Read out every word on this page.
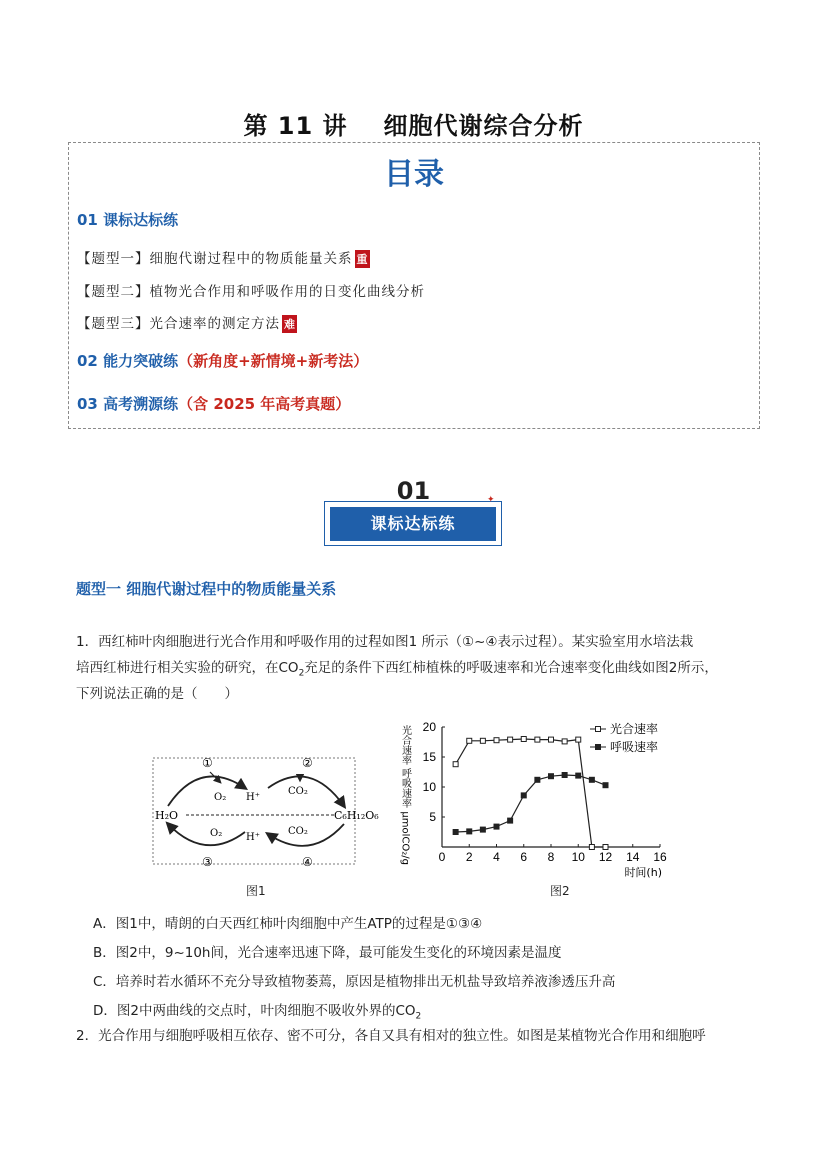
第 11 讲 细胞代谢综合分析
目录
01 课标达标练
【题型一】细胞代谢过程中的物质能量关系 重
【题型二】植物光合作用和呼吸作用的日变化曲线分析
【题型三】光合速率的测定方法 难
02 能力突破练（新角度+新情境+新考法）
03 高考溯源练（含 2025 年高考真题）
01
课标达标练
✦
题型一 细胞代谢过程中的物质能量关系
1．西红柿叶肉细胞进行光合作用和呼吸作用的过程如图1 所示（①~④表示过程）。某实验室用水培法栽
培西红柿进行相关实验的研究，在$CO_2$充足的条件下西红柿植株的呼吸速率和光合速率变化曲线如图2所示，
下列说法正确的是（　　）
H₂O	C₆H₁₂O₆
①	②
③	④
O₂ H⁺
CO₂
O₂ H⁺
CO₂
图1
0 2 4 6 8 10 12 14 16
5
10
15
20
时间(h)
光合速率 呼吸速率 μmolCO₂/g	光合速率
呼吸速率
图2
A．图1中，晴朗的白天西红柿叶肉细胞中产生ATP的过程是①③④
B．图2中，9~10h间，光合速率迅速下降，最可能发生变化的环境因素是温度
C．培养时若水循环不充分导致植物萎蔫，原因是植物排出无机盐导致培养液渗透压升高
D．图2中两曲线的交点时，叶肉细胞不吸收外界的$CO_2$
2．光合作用与细胞呼吸相互依存、密不可分，各自又具有相对的独立性。如图是某植物光合作用和细胞呼
